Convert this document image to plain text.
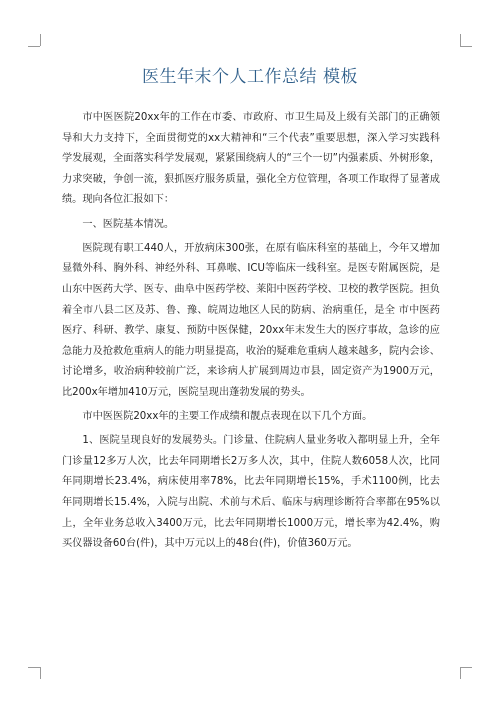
医生年末个人工作总结 模板

市中医医院20xx年的工作在市委、市政府、市卫生局及上级有关部门的正确领导和大力支持下，全面贯彻党的xx大精神和“三个代表”重要思想，深入学习实践科学发展观，全面落实科学发展观，紧紧围绕病人的“三个一切”内强素质、外树形象，力求突破，争创一流，狠抓医疗服务质量，强化全方位管理，各项工作取得了显著成绩。现向各位汇报如下：

一、医院基本情况。

医院现有职工440人，开放病床300张，在原有临床科室的基础上，今年又增加显微外科、胸外科、神经外科、耳鼻喉、ICU等临床一线科室。是医专附属医院，是山东中医药大学、医专、曲阜中医药学校、莱阳中医药学校、卫校的教学医院。担负着全市八县二区及苏、鲁、豫、皖周边地区人民的防病、治病重任，是全 市中医药医疗、科研、教学、康复、预防中医保健，20xx年末发生大的医疗事故，急诊的应急能力及抢救危重病人的能力明显提高，收治的疑难危重病人越来越多，院内会诊、讨论增多，收治病种较前广泛，来诊病人扩展到周边市县，固定资产为1900万元，比200x年增加410万元，医院呈现出蓬勃发展的势头。

市中医医院20xx年的主要工作成绩和靓点表现在以下几个方面。

1、医院呈现良好的发展势头。门诊量、住院病人量业务收入都明显上升，全年门诊量12多万人次，比去年同期增长2万多人次，其中，住院人数6058人次，比同年同期增长23.4%，病床使用率78%，比去年同期增长15%，手术1100例，比去年同期增长15.4%，入院与出院、术前与术后、临床与病理诊断符合率都在95%以上，全年业务总收入3400万元，比去年同期增长1000万元，增长率为42.4%，购买仪器设备60台(件)，其中万元以上的48台(件)，价值360万元。
